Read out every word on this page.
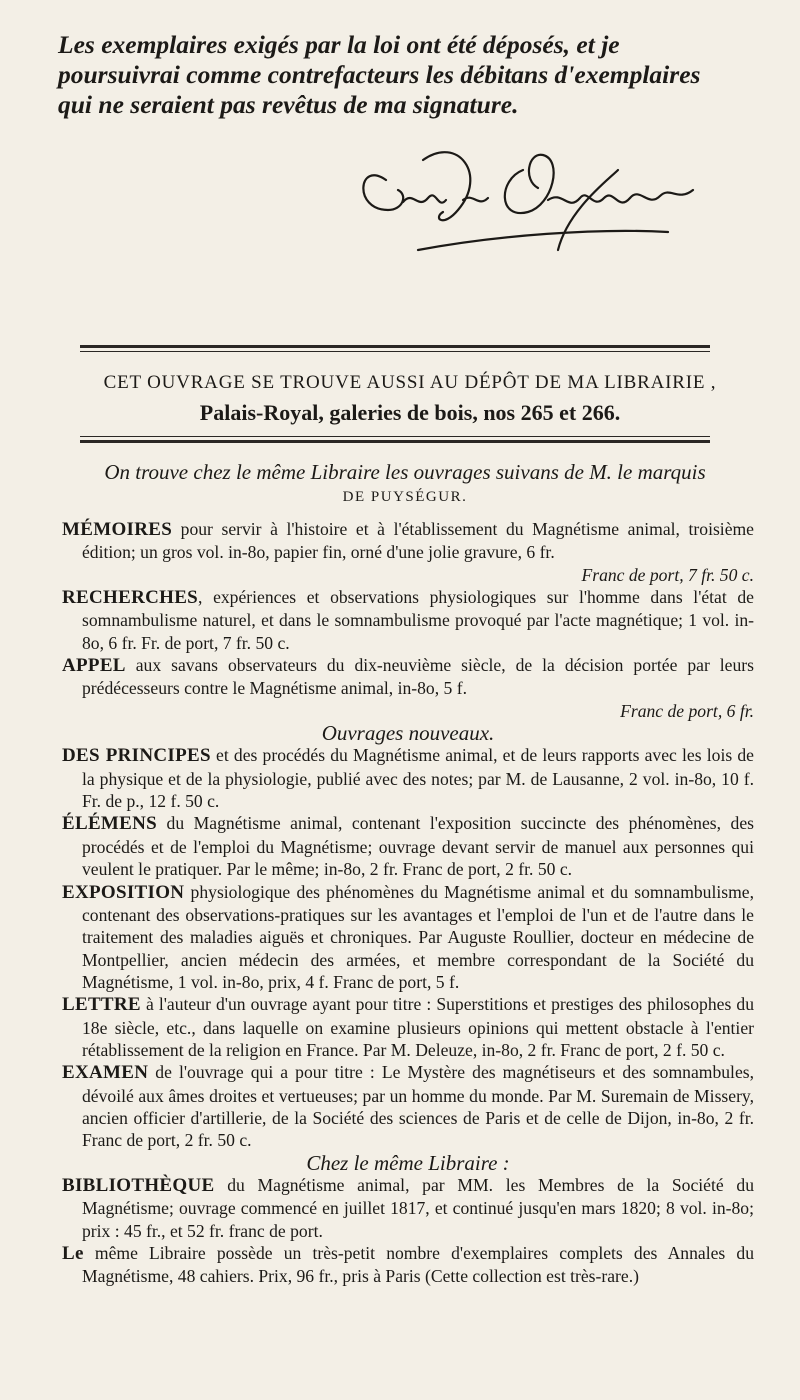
Les exemplaires exigés par la loi ont été déposés, et je
poursuivrai comme contrefacteurs les débitans d'exemplaires
qui ne seraient pas revêtus de ma signature.
CET OUVRAGE SE TROUVE AUSSI AU DÉPÔT DE MA LIBRAIRIE ,
Palais-Royal, galeries de bois, nos 265 et 266.
On trouve chez le même Libraire les ouvrages suivans de M. le marquis
DE PUYSÉGUR.

MÉMOIRES pour servir à l'histoire et à l'établissement du Magnétisme animal, troisième édition; un gros vol. in-8o, papier fin, orné d'une jolie gravure, 6 fr.
Franc de port, 7 fr. 50 c.

RECHERCHES, expériences et observations physiologiques sur l'homme dans l'état de somnambulisme naturel, et dans le somnambulisme provoqué par l'acte magnétique; 1 vol. in-8o, 6 fr. Fr. de port, 7 fr. 50 c.

APPEL aux savans observateurs du dix-neuvième siècle, de la décision portée par leurs prédécesseurs contre le Magnétisme animal, in-8o, 5 f.
Franc de port, 6 fr.

Ouvrages nouveaux.

DES PRINCIPES et des procédés du Magnétisme animal, et de leurs rapports avec les lois de la physique et de la physiologie, publié avec des notes; par M. de Lausanne, 2 vol. in-8o, 10 f. Fr. de p., 12 f. 50 c.

ÉLÉMENS du Magnétisme animal, contenant l'exposition succincte des phénomènes, des procédés et de l'emploi du Magnétisme; ouvrage devant servir de manuel aux personnes qui veulent le pratiquer. Par le même; in-8o, 2 fr. Franc de port, 2 fr. 50 c.

EXPOSITION physiologique des phénomènes du Magnétisme animal et du somnambulisme, contenant des observations-pratiques sur les avantages et l'emploi de l'un et de l'autre dans le traitement des maladies aiguës et chroniques. Par Auguste Roullier, docteur en médecine de Montpellier, ancien médecin des armées, et membre correspondant de la Société du Magnétisme, 1 vol. in-8o, prix, 4 f. Franc de port, 5 f.

LETTRE à l'auteur d'un ouvrage ayant pour titre : Superstitions et prestiges des philosophes du 18e siècle, etc., dans laquelle on examine plusieurs opinions qui mettent obstacle à l'entier rétablissement de la religion en France. Par M. Deleuze, in-8o, 2 fr. Franc de port, 2 f. 50 c.

EXAMEN de l'ouvrage qui a pour titre : Le Mystère des magnétiseurs et des somnambules, dévoilé aux âmes droites et vertueuses; par un homme du monde. Par M. Suremain de Missery, ancien officier d'artillerie, de la Société des sciences de Paris et de celle de Dijon, in-8o, 2 fr. Franc de port, 2 fr. 50 c.

Chez le même Libraire :

BIBLIOTHÈQUE du Magnétisme animal, par MM. les Membres de la Société du Magnétisme; ouvrage commencé en juillet 1817, et continué jusqu'en mars 1820; 8 vol. in-8o; prix : 45 fr., et 52 fr. franc de port.

Le même Libraire possède un très-petit nombre d'exemplaires complets des Annales du Magnétisme, 48 cahiers. Prix, 96 fr., pris à Paris (Cette collection est très-rare.)
